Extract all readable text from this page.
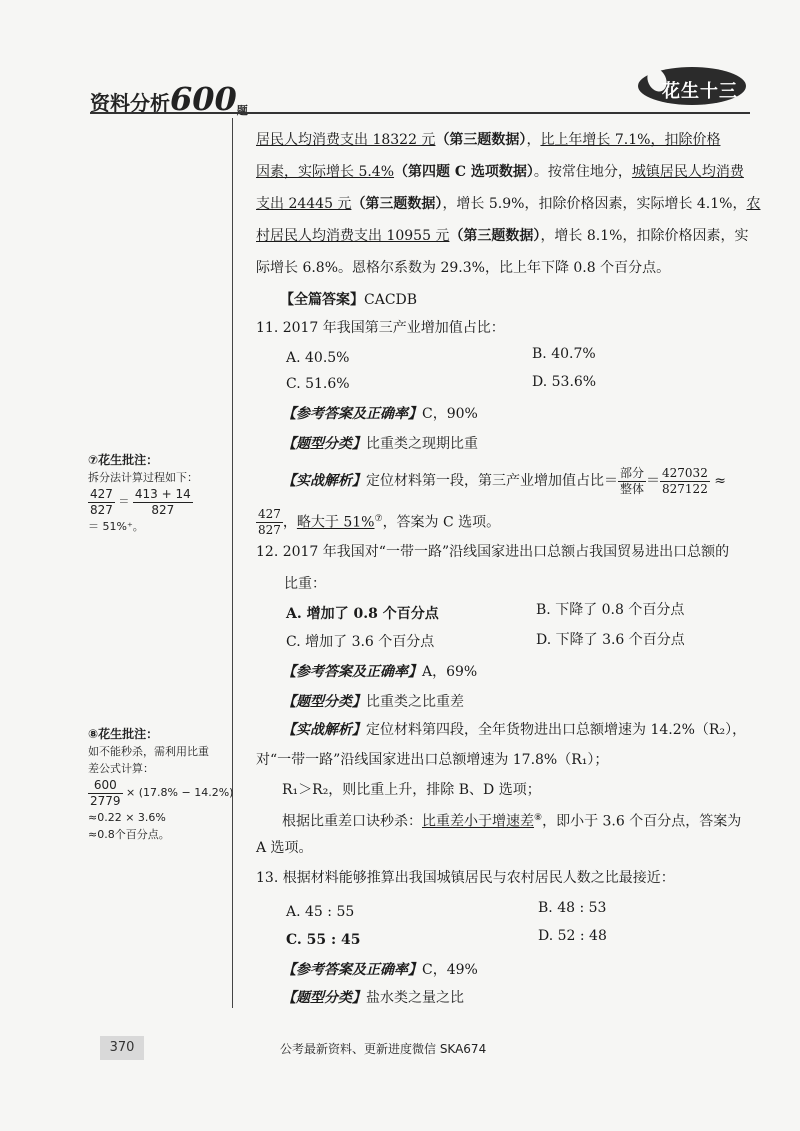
资料分析600题
花生十三
居民人均消费支出 18322 元（第三题数据），比上年增长 7.1%，扣除价格
因素，实际增长 5.4%（第四题 C 选项数据）。按常住地分，城镇居民人均消费
支出 24445 元（第三题数据），增长 5.9%，扣除价格因素，实际增长 4.1%，农
村居民人均消费支出 10955 元（第三题数据），增长 8.1%，扣除价格因素，实
际增长 6.8%。恩格尔系数为 29.3%，比上年下降 0.8 个百分点。
【全篇答案】CACDB
11. 2017 年我国第三产业增加值占比：
A. 40.5%	B. 40.7%
C. 51.6%	D. 53.6%
【参考答案及正确率】C，90%
【题型分类】比重类之现期比重
【实战解析】定位材料第一段，第三产业增加值占比＝ $\frac{\text{部分}}{\text{整体}} = \frac{427032}{827122}$ ≈
$\frac{427}{827}$ ，略大于 51%⑦，答案为 C 选项。
12. 2017 年我国对“一带一路”沿线国家进出口总额占我国贸易进出口总额的
比重：
A. 增加了 0.8 个百分点	B. 下降了 0.8 个百分点
C. 增加了 3.6 个百分点	D. 下降了 3.6 个百分点
【参考答案及正确率】A，69%
【题型分类】比重类之比重差
【实战解析】定位材料第四段，全年货物进出口总额增速为 14.2%（R₂），
对“一带一路”沿线国家进出口总额增速为 17.8%（R₁）；
R₁＞R₂，则比重上升，排除 B、D 选项；
根据比重差口诀秒杀：比重差小于增速差⑧，即小于 3.6 个百分点，答案为
A 选项。
13. 根据材料能够推算出我国城镇居民与农村居民人数之比最接近：
A. 45 : 55	B. 48 : 53
C. 55 : 45	D. 52 : 48
【参考答案及正确率】C，49%
【题型分类】盐水类之量之比
⑦花生批注：
拆分法计算过程如下：
$\frac{427}{827} = \frac{413 + 14}{827}$
＝ 51%⁺。
⑧花生批注：
如不能秒杀，需利用比重
差公式计算：
$\frac{600}{2779} \times (17.8\% - 14.2\%)$
≈0.22 × 3.6%
≈0.8个百分点。
370	公考最新资料、更新进度微信 SKA674
